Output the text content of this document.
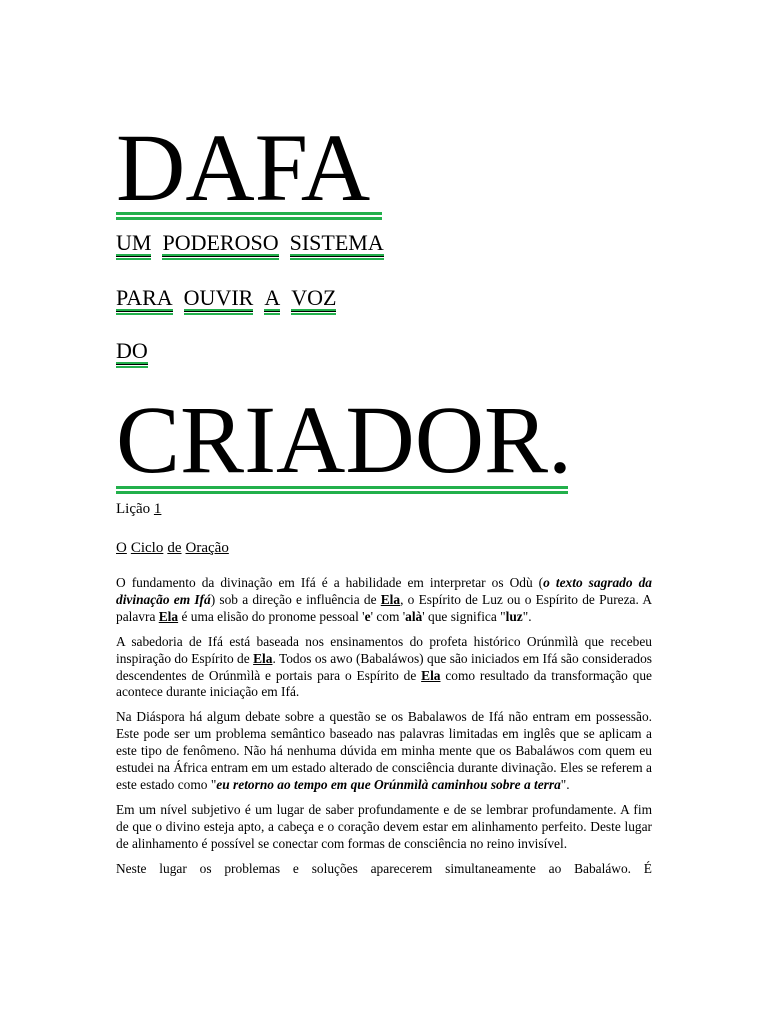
DAFA
UM PODEROSO SISTEMA
PARA OUVIR A VOZ
DO
CRIADOR.
Lição 1
O Ciclo de Oração

O fundamento da divinação em Ifá é a habilidade em interpretar os Odù (o texto sagrado da divinação em Ifá) sob a direção e influência de Ela, o Espírito de Luz ou o Espírito de Pureza. A palavra Ela é uma elisão do pronome pessoal 'e' com 'alà' que significa "luz".

A sabedoria de Ifá está baseada nos ensinamentos do profeta histórico Orúnmìlà que recebeu inspiração do Espírito de Ela. Todos os awo (Babaláwos) que são iniciados em Ifá são considerados descendentes de Orúnmìlà e portais para o Espírito de Ela como resultado da transformação que acontece durante iniciação em Ifá.

Na Diáspora há algum debate sobre a questão se os Babalawos de Ifá não entram em possessão. Este pode ser um problema semântico baseado nas palavras limitadas em inglês que se aplicam a este tipo de fenômeno. Não há nenhuma dúvida em minha mente que os Babaláwos com quem eu estudei na África entram em um estado alterado de consciência durante divinação. Eles se referem a este estado como "eu retorno ao tempo em que Orúnmìlà caminhou sobre a terra".

Em um nível subjetivo é um lugar de saber profundamente e de se lembrar profundamente. A fim de que o divino esteja apto, a cabeça e o coração devem estar em alinhamento perfeito. Deste lugar de alinhamento é possível se conectar com formas de consciência no reino invisível.

Neste lugar os problemas e soluções aparecerem simultaneamente ao Babaláwo. É
